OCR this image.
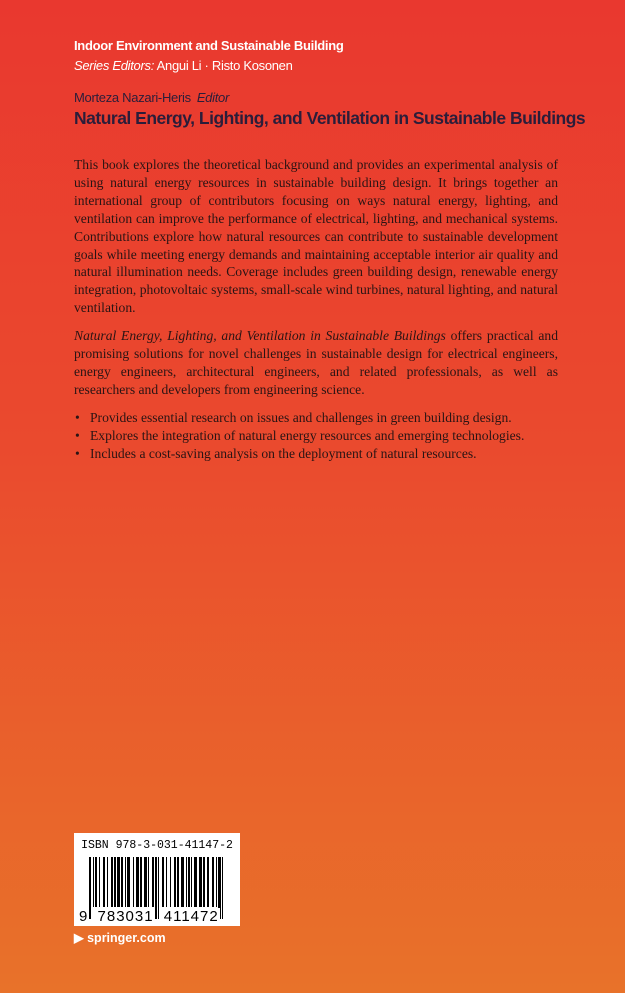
Indoor Environment and Sustainable Building
Series Editors: Angui Li · Risto Kosonen
Morteza Nazari-Heris Editor
Natural Energy, Lighting, and Ventilation in Sustainable Buildings

This book explores the theoretical background and provides an experimental analysis of using natural energy resources in sustainable building design. It brings together an international group of contributors focusing on ways natural energy, lighting, and ventilation can improve the performance of electrical, lighting, and mechanical systems. Contributions explore how natural resources can contribute to sustainable development goals while meeting energy demands and maintaining acceptable interior air quality and natural illumination needs. Coverage includes green building design, renewable energy integration, photovoltaic systems, small-scale wind turbines, natural lighting, and natural ventilation.

Natural Energy, Lighting, and Ventilation in Sustainable Buildings offers practical and promising solutions for novel challenges in sustainable design for electrical engineers, energy engineers, architectural engineers, and related professionals, as well as researchers and developers from engineering science.

• Provides essential research on issues and challenges in green building design.
• Explores the integration of natural energy resources and emerging technologies.
• Includes a cost-saving analysis on the deployment of natural resources.
ISBN 978-3-031-41147-2
9 783031 411472
▶ springer.com
